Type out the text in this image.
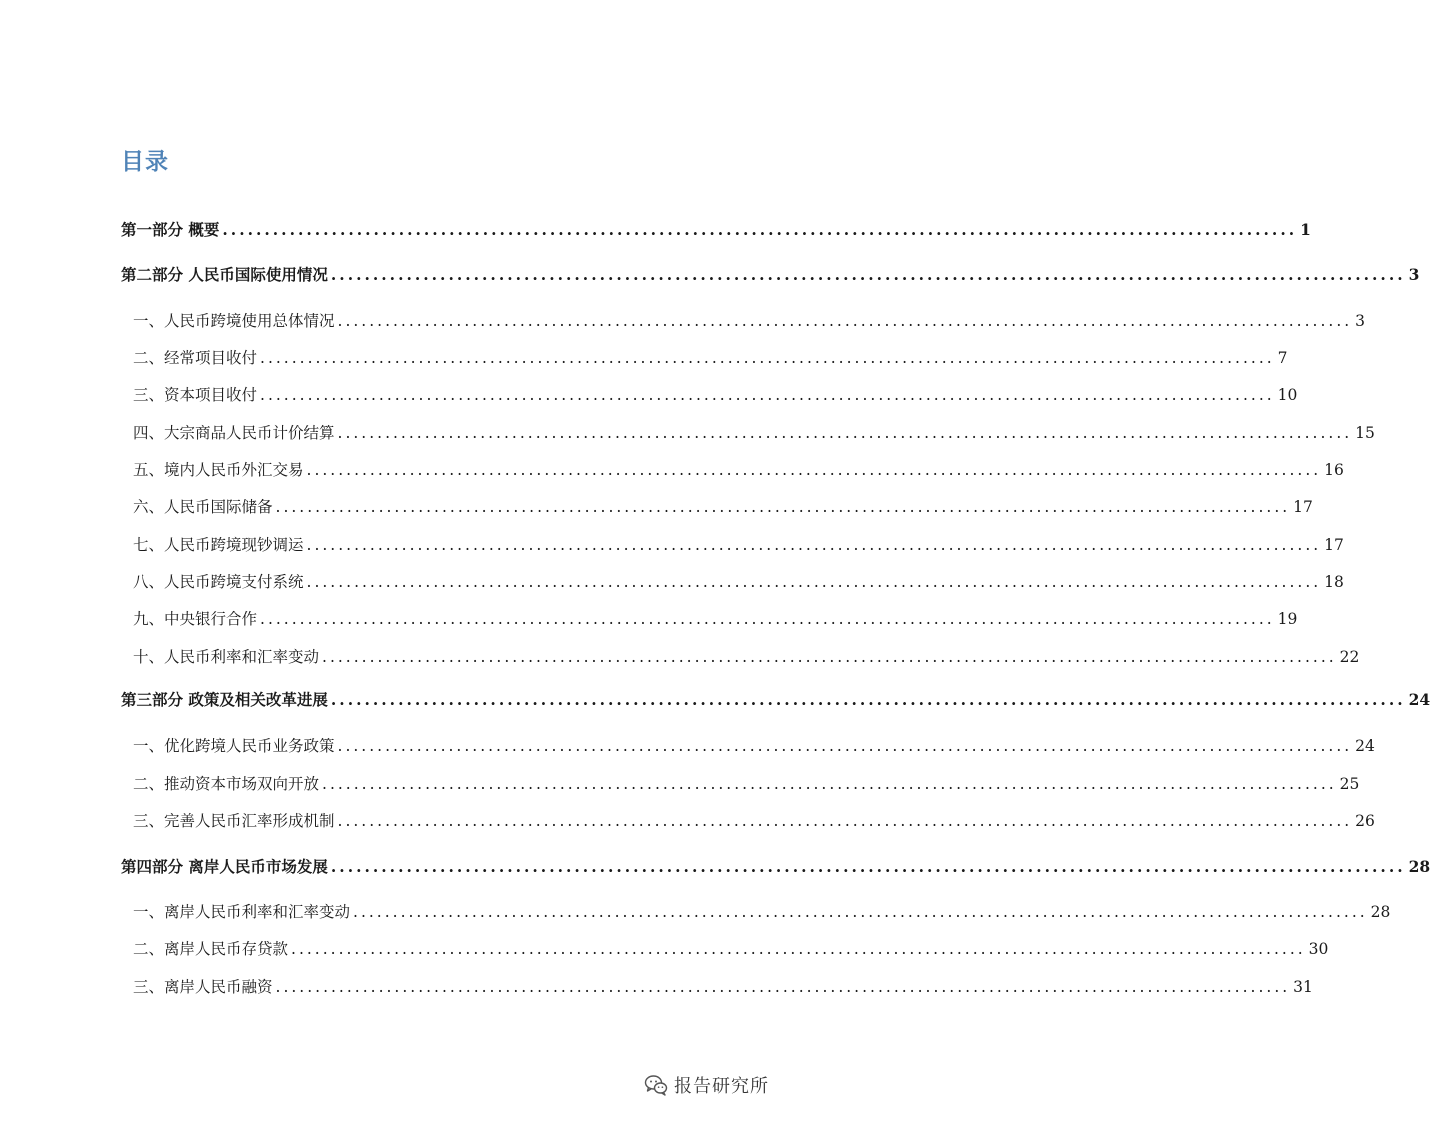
目录
第一部分 概要 ................................................................................................................................ 1
第二部分 人民币国际使用情况 ................................................................................................................................ 3
一、人民币跨境使用总体情况 ................................................................................................................................ 3
二、经常项目收付 ................................................................................................................................ 7
三、资本项目收付 ................................................................................................................................ 10
四、大宗商品人民币计价结算 ................................................................................................................................ 15
五、境内人民币外汇交易 ................................................................................................................................ 16
六、人民币国际储备 ................................................................................................................................ 17
七、人民币跨境现钞调运 ................................................................................................................................ 17
八、人民币跨境支付系统 ................................................................................................................................ 18
九、中央银行合作 ................................................................................................................................ 19
十、人民币利率和汇率变动 ................................................................................................................................ 22
第三部分 政策及相关改革进展 ................................................................................................................................ 24
一、优化跨境人民币业务政策 ................................................................................................................................ 24
二、推动资本市场双向开放 ................................................................................................................................ 25
三、完善人民币汇率形成机制 ................................................................................................................................ 26
第四部分 离岸人民币市场发展 ................................................................................................................................ 28
一、离岸人民币利率和汇率变动 ................................................................................................................................ 28
二、离岸人民币存贷款 ................................................................................................................................ 30
三、离岸人民币融资 ................................................................................................................................ 31
报告研究所
